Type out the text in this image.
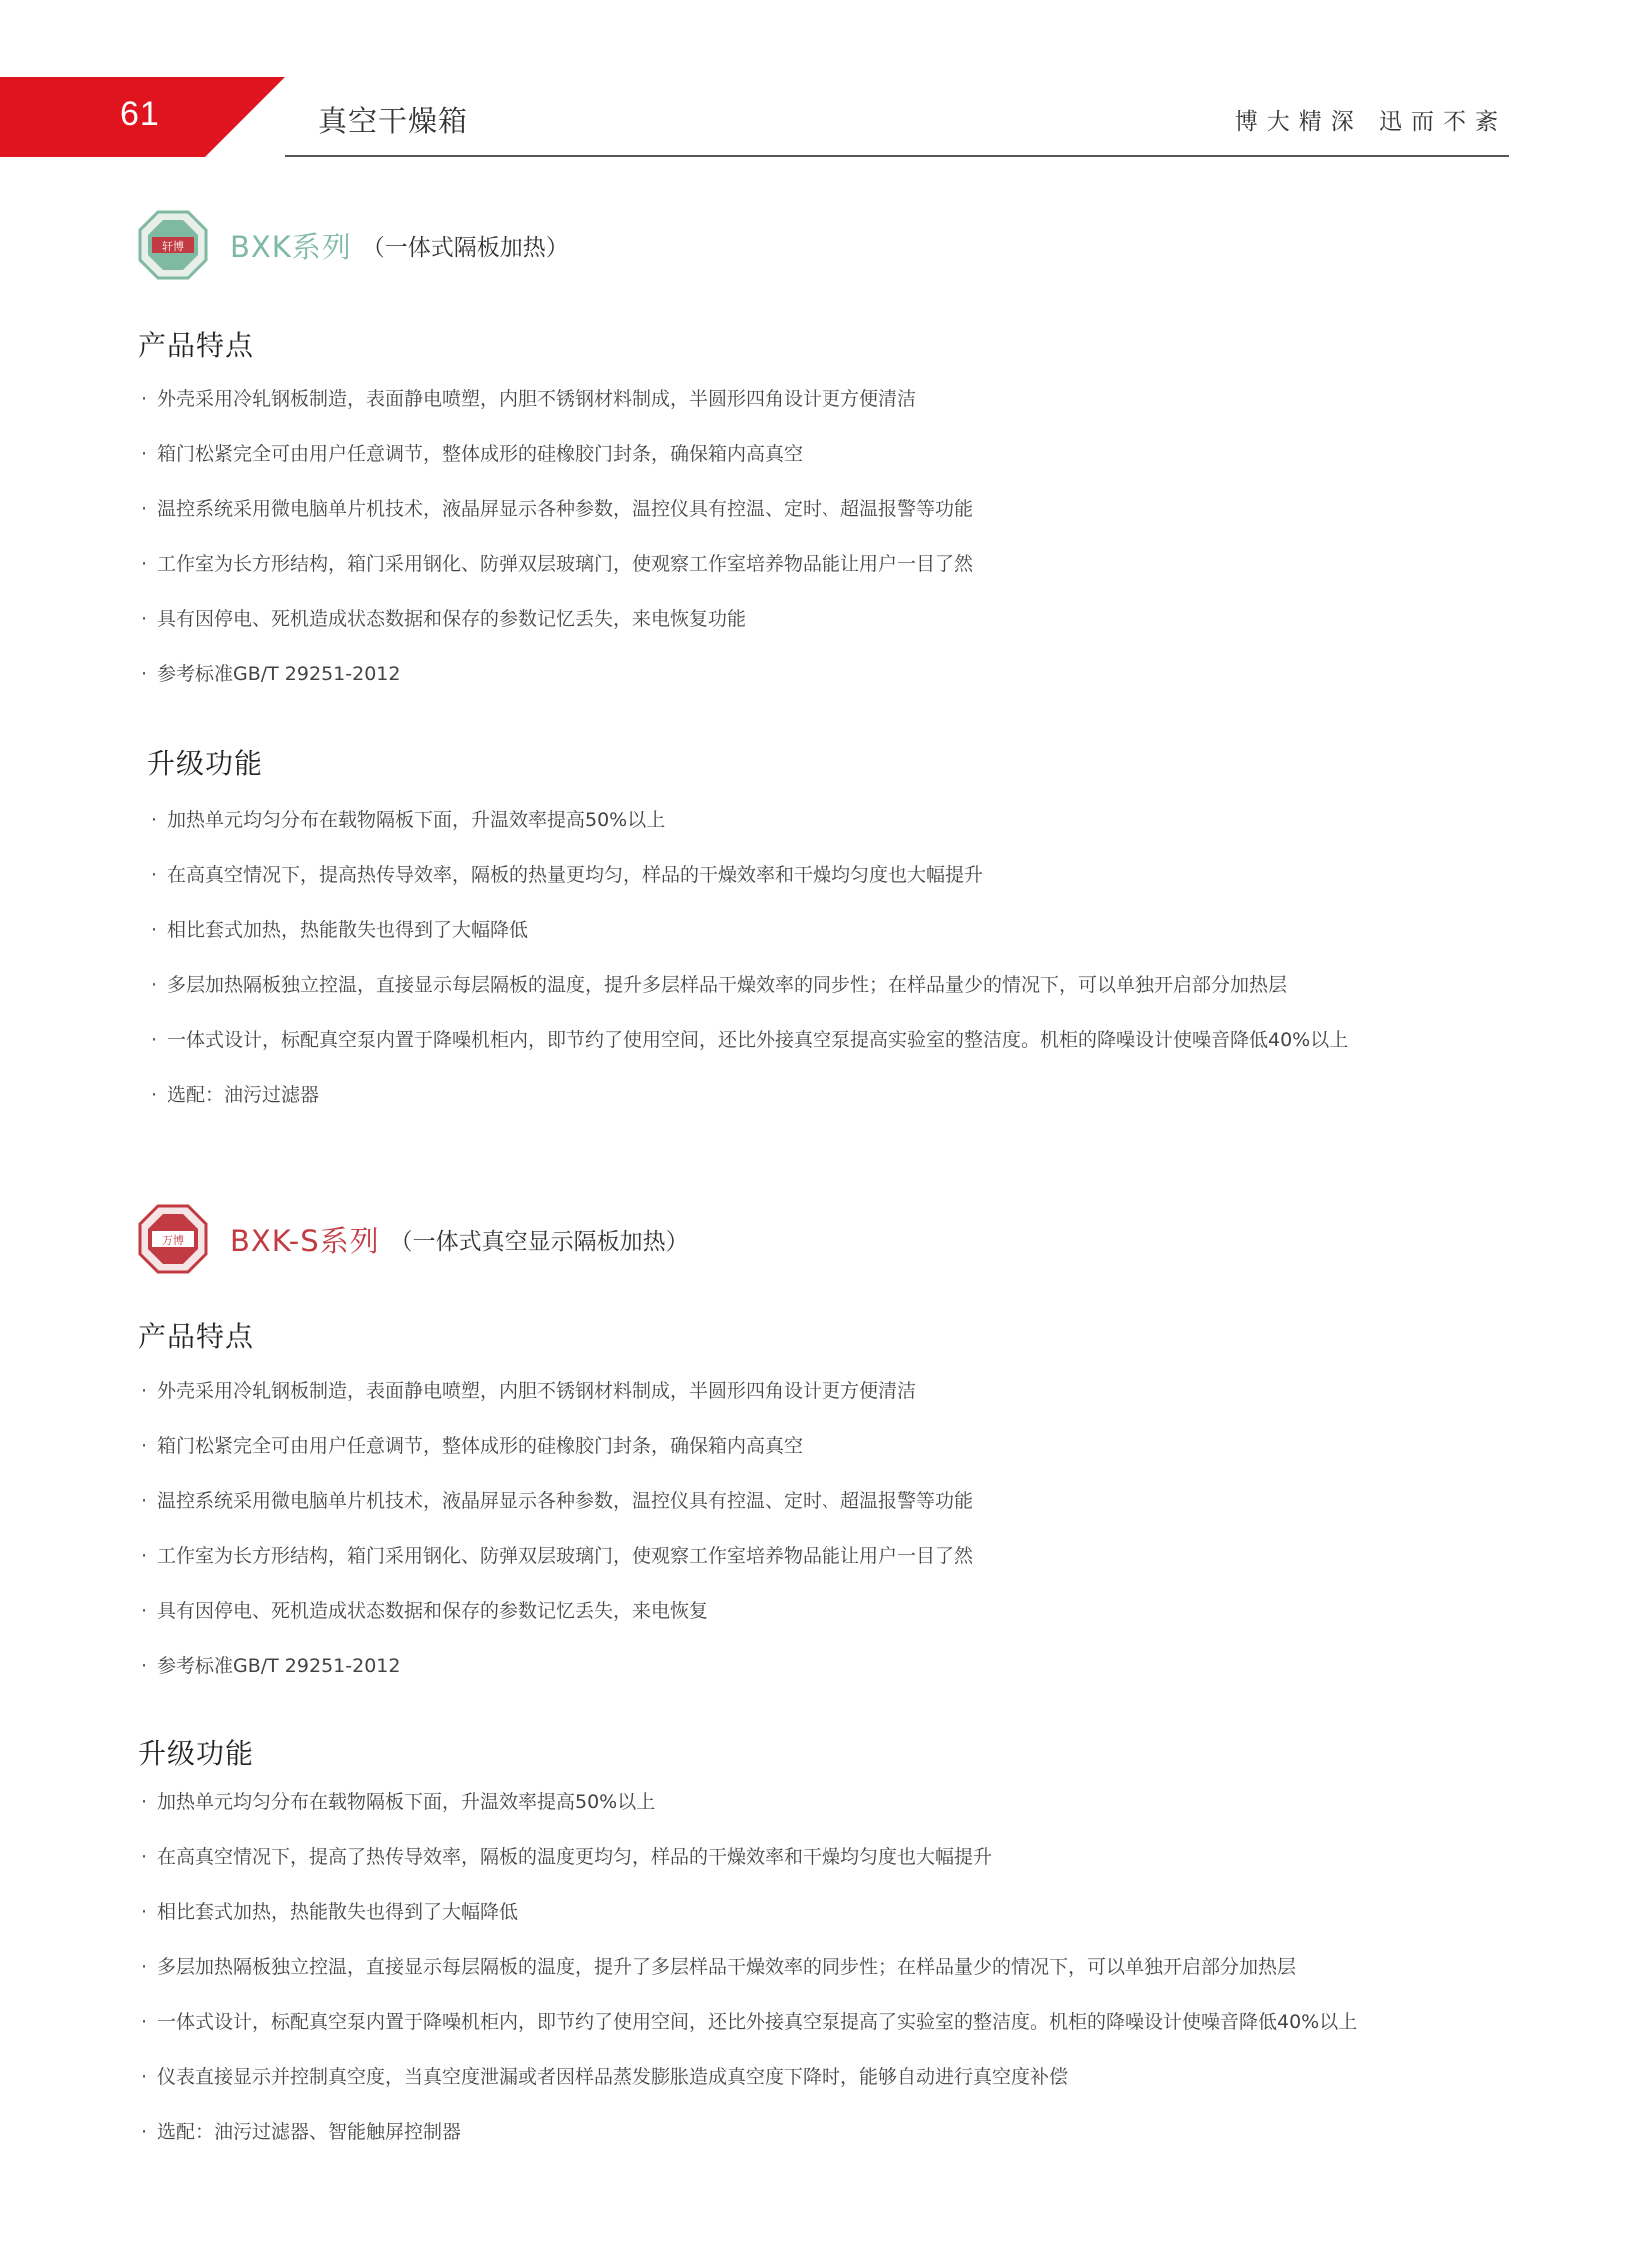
61	真空干燥箱	博大精深 迅而不紊
轩博 BXK系列 （一体式隔板加热）
产品特点
· 外壳采用冷轧钢板制造，表面静电喷塑，内胆不锈钢材料制成，半圆形四角设计更方便清洁
· 箱门松紧完全可由用户任意调节，整体成形的硅橡胶门封条，确保箱内高真空
· 温控系统采用微电脑单片机技术，液晶屏显示各种参数，温控仪具有控温、定时、超温报警等功能
· 工作室为长方形结构，箱门采用钢化、防弹双层玻璃门，使观察工作室培养物品能让用户一目了然
· 具有因停电、死机造成状态数据和保存的参数记忆丢失，来电恢复功能
· 参考标准GB/T 29251-2012
升级功能
· 加热单元均匀分布在载物隔板下面，升温效率提高50%以上
· 在高真空情况下，提高热传导效率，隔板的热量更均匀，样品的干燥效率和干燥均匀度也大幅提升
· 相比套式加热，热能散失也得到了大幅降低
· 多层加热隔板独立控温，直接显示每层隔板的温度，提升多层样品干燥效率的同步性；在样品量少的情况下，可以单独开启部分加热层
· 一体式设计，标配真空泵内置于降噪机柜内，即节约了使用空间，还比外接真空泵提高实验室的整洁度。机柜的降噪设计使噪音降低40%以上
· 选配：油污过滤器
万博 BXK-S系列 （一体式真空显示隔板加热）
产品特点
· 外壳采用冷轧钢板制造，表面静电喷塑，内胆不锈钢材料制成，半圆形四角设计更方便清洁
· 箱门松紧完全可由用户任意调节，整体成形的硅橡胶门封条，确保箱内高真空
· 温控系统采用微电脑单片机技术，液晶屏显示各种参数，温控仪具有控温、定时、超温报警等功能
· 工作室为长方形结构，箱门采用钢化、防弹双层玻璃门，使观察工作室培养物品能让用户一目了然
· 具有因停电、死机造成状态数据和保存的参数记忆丢失，来电恢复
· 参考标准GB/T 29251-2012
升级功能
· 加热单元均匀分布在载物隔板下面，升温效率提高50%以上
· 在高真空情况下，提高了热传导效率，隔板的温度更均匀，样品的干燥效率和干燥均匀度也大幅提升
· 相比套式加热，热能散失也得到了大幅降低
· 多层加热隔板独立控温，直接显示每层隔板的温度，提升了多层样品干燥效率的同步性；在样品量少的情况下，可以单独开启部分加热层
· 一体式设计，标配真空泵内置于降噪机柜内，即节约了使用空间，还比外接真空泵提高了实验室的整洁度。机柜的降噪设计使噪音降低40%以上
· 仪表直接显示并控制真空度，当真空度泄漏或者因样品蒸发膨胀造成真空度下降时，能够自动进行真空度补偿
· 选配：油污过滤器、智能触屏控制器
